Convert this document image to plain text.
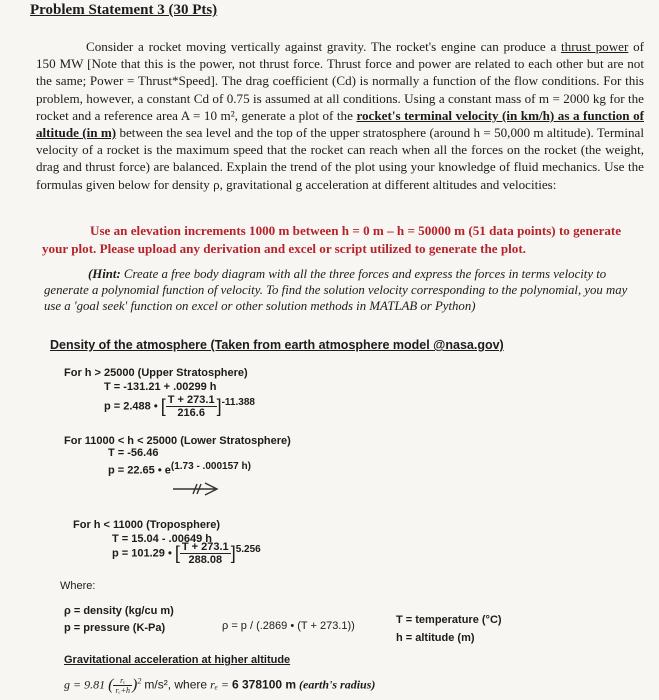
Problem Statement 3 (30 Pts)
Consider a rocket moving vertically against gravity. The rocket's engine can produce a thrust power of 150 MW [Note that this is the power, not thrust force. Thrust force and power are related to each other but are not the same; Power = Thrust*Speed]. The drag coefficient (Cd) is normally a function of the flow conditions. For this problem, however, a constant Cd of 0.75 is assumed at all conditions. Using a constant mass of m = 2000 kg for the rocket and a reference area A = 10 m², generate a plot of the rocket's terminal velocity (in km/h) as a function of altitude (in m) between the sea level and the top of the upper stratosphere (around h = 50,000 m altitude). Terminal velocity of a rocket is the maximum speed that the rocket can reach when all the forces on the rocket (the weight, drag and thrust force) are balanced. Explain the trend of the plot using your knowledge of fluid mechanics. Use the formulas given below for density ρ, gravitational g acceleration at different altitudes and velocities:
Use an elevation increments 1000 m between h = 0 m – h = 50000 m (51 data points) to generate your plot. Please upload any derivation and excel or script utilized to generate the plot.
(Hint: Create a free body diagram with all the three forces and express the forces in terms velocity to generate a polynomial function of velocity. To find the solution velocity corresponding to the polynomial, you may use a 'goal seek' function on excel or other solution methods in MATLAB or Python)
Density of the atmosphere (Taken from earth atmosphere model @nasa.gov)
For h > 25000 (Upper Stratosphere)
T = -131.21 + .00299 h
p = 2.488 • [ $\frac{T + 273.1}{216.6} ]^{-11.388}$
For 11000 < h < 25000 (Lower Stratosphere)
T = -56.46
p = 22.65 • $e^{(1.73 - .000157 h)}$
For h < 11000 (Troposphere)
T = 15.04 - .00649 h
p = 101.29 • [ $\frac{T + 273.1}{288.08} ]^{5.256}$
Where:
ρ = density (kg/cu m)
p = pressure (K-Pa)	ρ = p / (.2869 • (T + 273.1))	T = temperature (°C)
h = altitude (m)
Gravitational acceleration at higher altitude
g = 9.81 ( $\frac{\text{rₑ}}{\text{rₑ+h}} )^2$ m/s², where rₑ = 6 378100 m (earth's radius)
